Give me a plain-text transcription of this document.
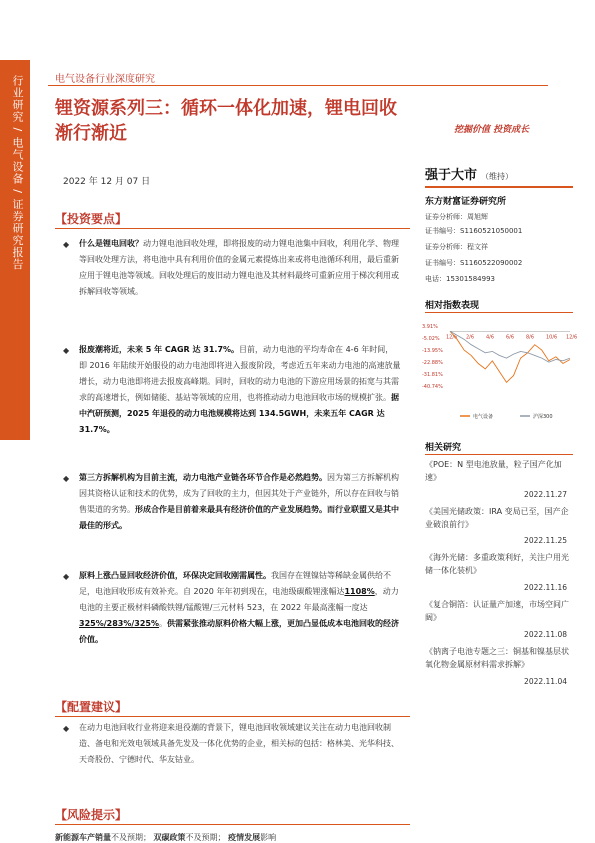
行业研究 / 电气设备 / 证券研究报告	电气设备行业深度研究
锂资源系列三：循环一体化加速，锂电回收渐行渐近	挖掘价值 投资成长
2022 年 12 月 07 日	强于大市 （维持）
东方财富证券研究所
证券分析师：周旭辉
证书编号：S1160521050001
证券分析师：程文祥
证书编号：S1160522090002
电话：15301584993
相对指数表现
3.91%
-5.02%
-13.95%
-22.88%
-31.81%
-40.74%
12/6 2/6 4/6 6/6 8/6 10/6 12/6
电气设备	沪深300
相关研究
《POE：N 型电池放量，粒子国产化加速》
2022.11.27
《美国光储政策：IRA 变局已至，国产企业破浪前行》
2022.11.25
《海外光储：多重政策利好，关注户用光储一体化装机》
2022.11.16
《复合铜箔：认证量产加速，市场空间广阔》
2022.11.08
《钠离子电池专题之三：铜基和镍基层状氧化物金属原材料需求拆解》
2022.11.04
【投资要点】
◆ 什么是锂电回收？动力锂电池回收处理，即将报废的动力锂电池集中回收，利用化学、物理等回收处理方法，将电池中具有利用价值的金属元素提炼出来或将电池循环利用，最后重新应用于锂电池等领域。回收处理后的废旧动力锂电池及其材料最终可重新应用于梯次利用或拆解回收等领域。
◆ 报废潮将近，未来 5 年 CAGR 达 31.7%。目前，动力电池的平均寿命在 4-6 年时间，即 2016 年陆续开始服役的动力电池即将进入报废阶段，考虑近五年来动力电池的高速放量增长，动力电池即将进去报废高峰期。同时，回收的动力电池的下游应用场景的拓宽与其需求的高速增长，例如储能、基站等领域的应用，也将推动动力电池回收市场的规模扩张。据中汽研预测，2025 年退役的动力电池规模将达到 134.5GWH，未来五年 CAGR 达 31.7%。
◆ 第三方拆解机构为目前主流，动力电池产业链各环节合作是必然趋势。因为第三方拆解机构因其资格认证和技术的优势，成为了回收的主力，但因其处于产业链外，所以存在回收与销售渠道的劣势。形成合作是目前着来最具有经济价值的产业发展趋势。而行业联盟又是其中最佳的形式。
◆ 原料上涨凸显回收经济价值，环保决定回收刚需属性。我国存在锂镍钴等稀缺金属供给不足，电池回收形成有效补充。自 2020 年年初到现在，电池级碳酸锂涨幅达1108%，动力电池的主要正极材料磷酸铁锂/锰酸锂/三元材料 523，在 2022 年最高涨幅一度达325%/283%/325%。供需紧张推动原料价格大幅上涨，更加凸显低成本电池回收的经济价值。
【配置建议】
◆ 在动力电池回收行业将迎来退役潮的背景下，锂电池回收领域建议关注在动力电池回收制造、备电和光效电领域具备先发及一体化优势的企业，相关标的包括：格林美、光华科技、天奇股份、宁德时代、华友钴业。
【风险提示】
新能源车产销量不及预期； 双碳政策不及预期； 疫情发展影响
